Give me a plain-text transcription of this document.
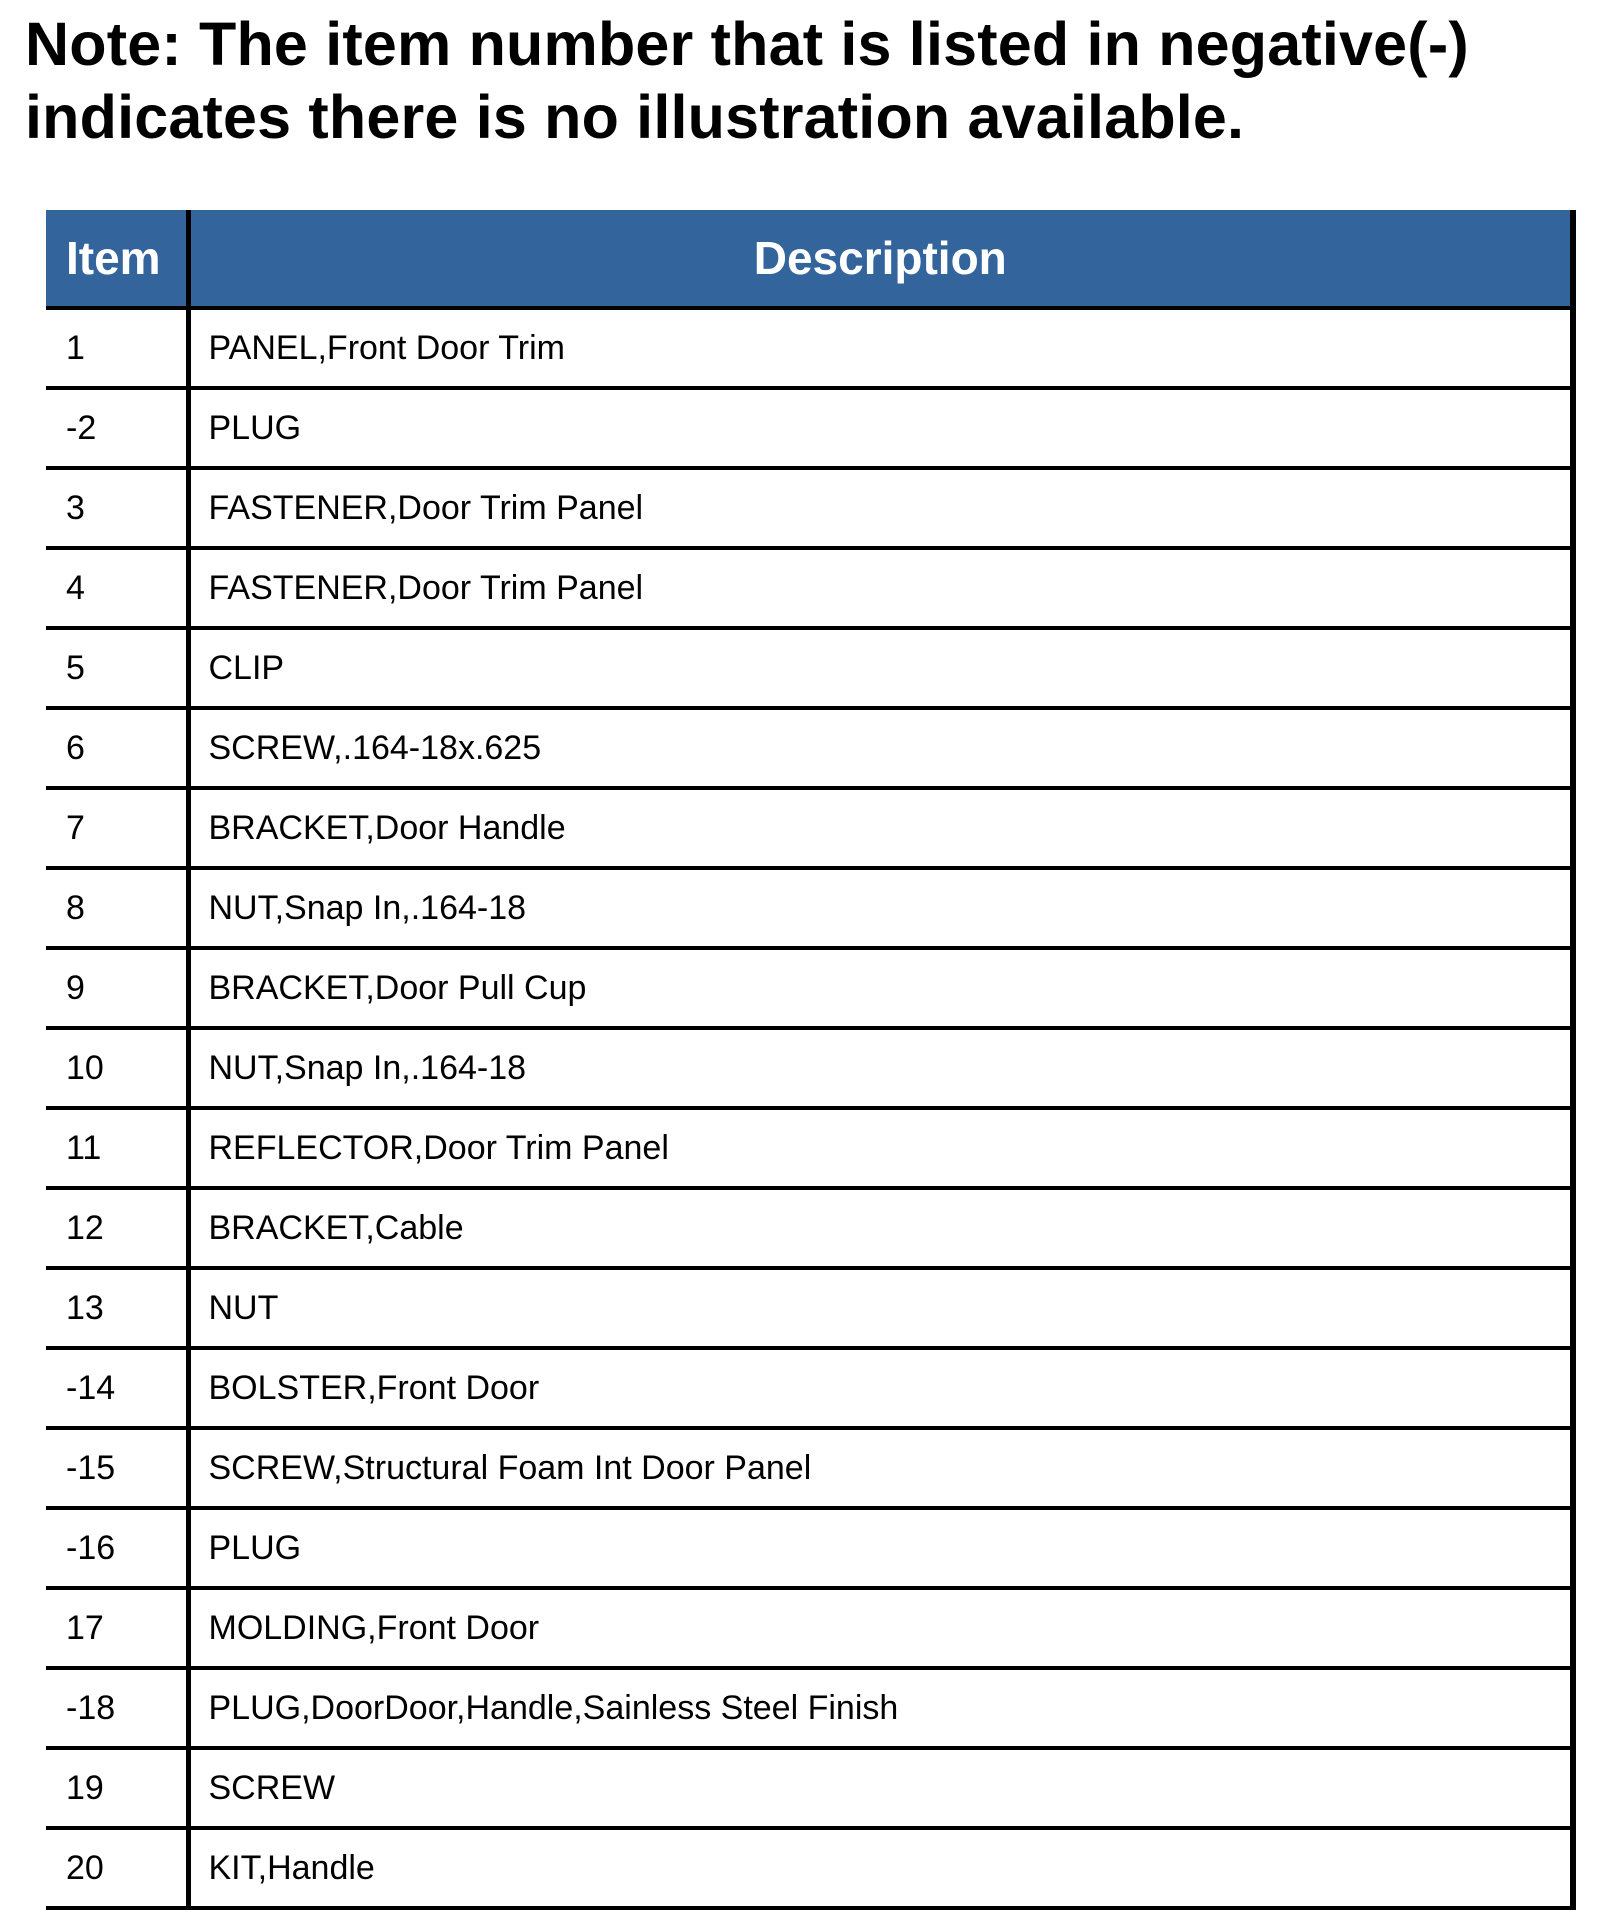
Note: The item number that is listed in negative(-) indicates there is no illustration available.
Item	Description
1	PANEL,Front Door Trim
-2	PLUG
3	FASTENER,Door Trim Panel
4	FASTENER,Door Trim Panel
5	CLIP
6	SCREW,.164-18x.625
7	BRACKET,Door Handle
8	NUT,Snap In,.164-18
9	BRACKET,Door Pull Cup
10	NUT,Snap In,.164-18
11	REFLECTOR,Door Trim Panel
12	BRACKET,Cable
13	NUT
-14	BOLSTER,Front Door
-15	SCREW,Structural Foam Int Door Panel
-16	PLUG
17	MOLDING,Front Door
-18	PLUG,DoorDoor,Handle,Sainless Steel Finish
19	SCREW
20	KIT,Handle
